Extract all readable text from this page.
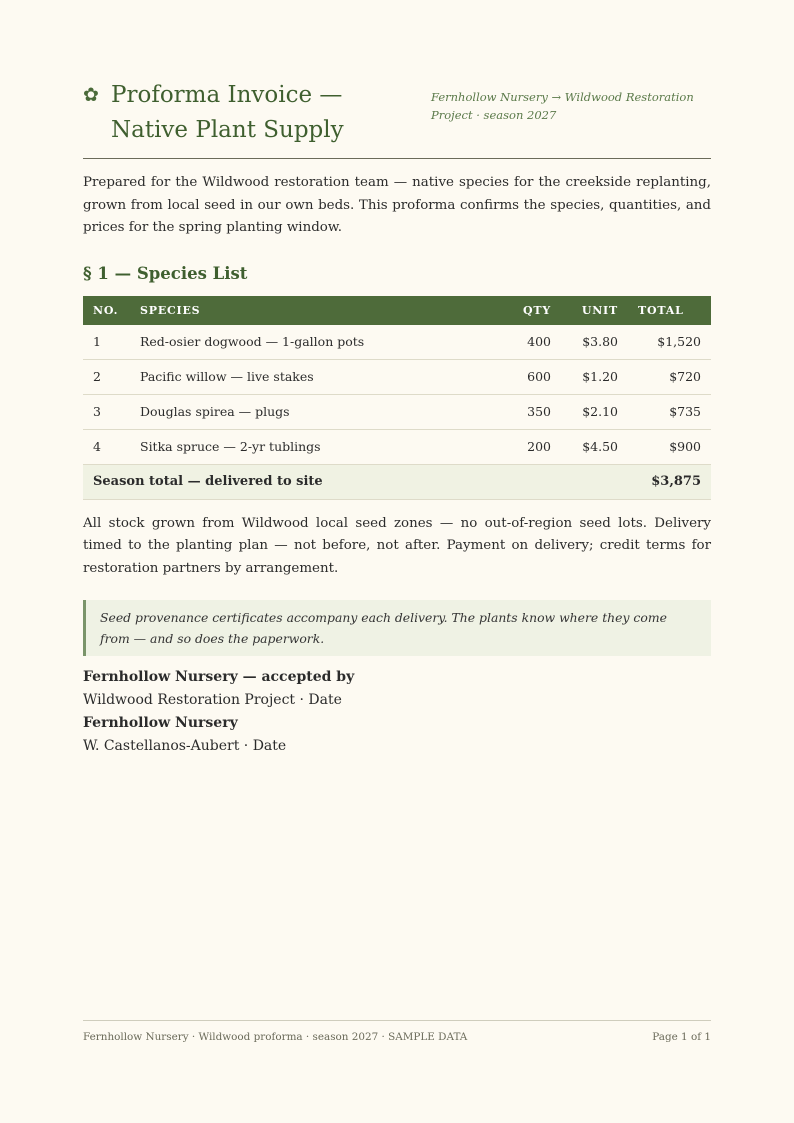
✿ Proforma Invoice — Native Plant Supply
Fernhollow Nursery → Wildwood Restoration Project · season 2027

Prepared for the Wildwood restoration team — native species for the creekside replanting, grown from local seed in our own beds. This proforma confirms the species, quantities, and prices for the spring planting window.

§ 1 — Species List
NO.	SPECIES	QTY	UNIT	TOTAL
1	Red-osier dogwood — 1-gallon pots	400	$3.80	$1,520
2	Pacific willow — live stakes	600	$1.20	$720
3	Douglas spirea — plugs	350	$2.10	$735
4	Sitka spruce — 2-yr tublings	200	$4.50	$900
Season total — delivered to site				$3,875

All stock grown from Wildwood local seed zones — no out-of-region seed lots. Delivery timed to the planting plan — not before, not after. Payment on delivery; credit terms for restoration partners by arrangement.

Seed provenance certificates accompany each delivery. The plants know where they come from — and so does the paperwork.
Fernhollow Nursery — accepted by
Wildwood Restoration Project · Date
Fernhollow Nursery
W. Castellanos-Aubert · Date
Fernhollow Nursery · Wildwood proforma · season 2027 · SAMPLE DATA	Page 1 of 1
